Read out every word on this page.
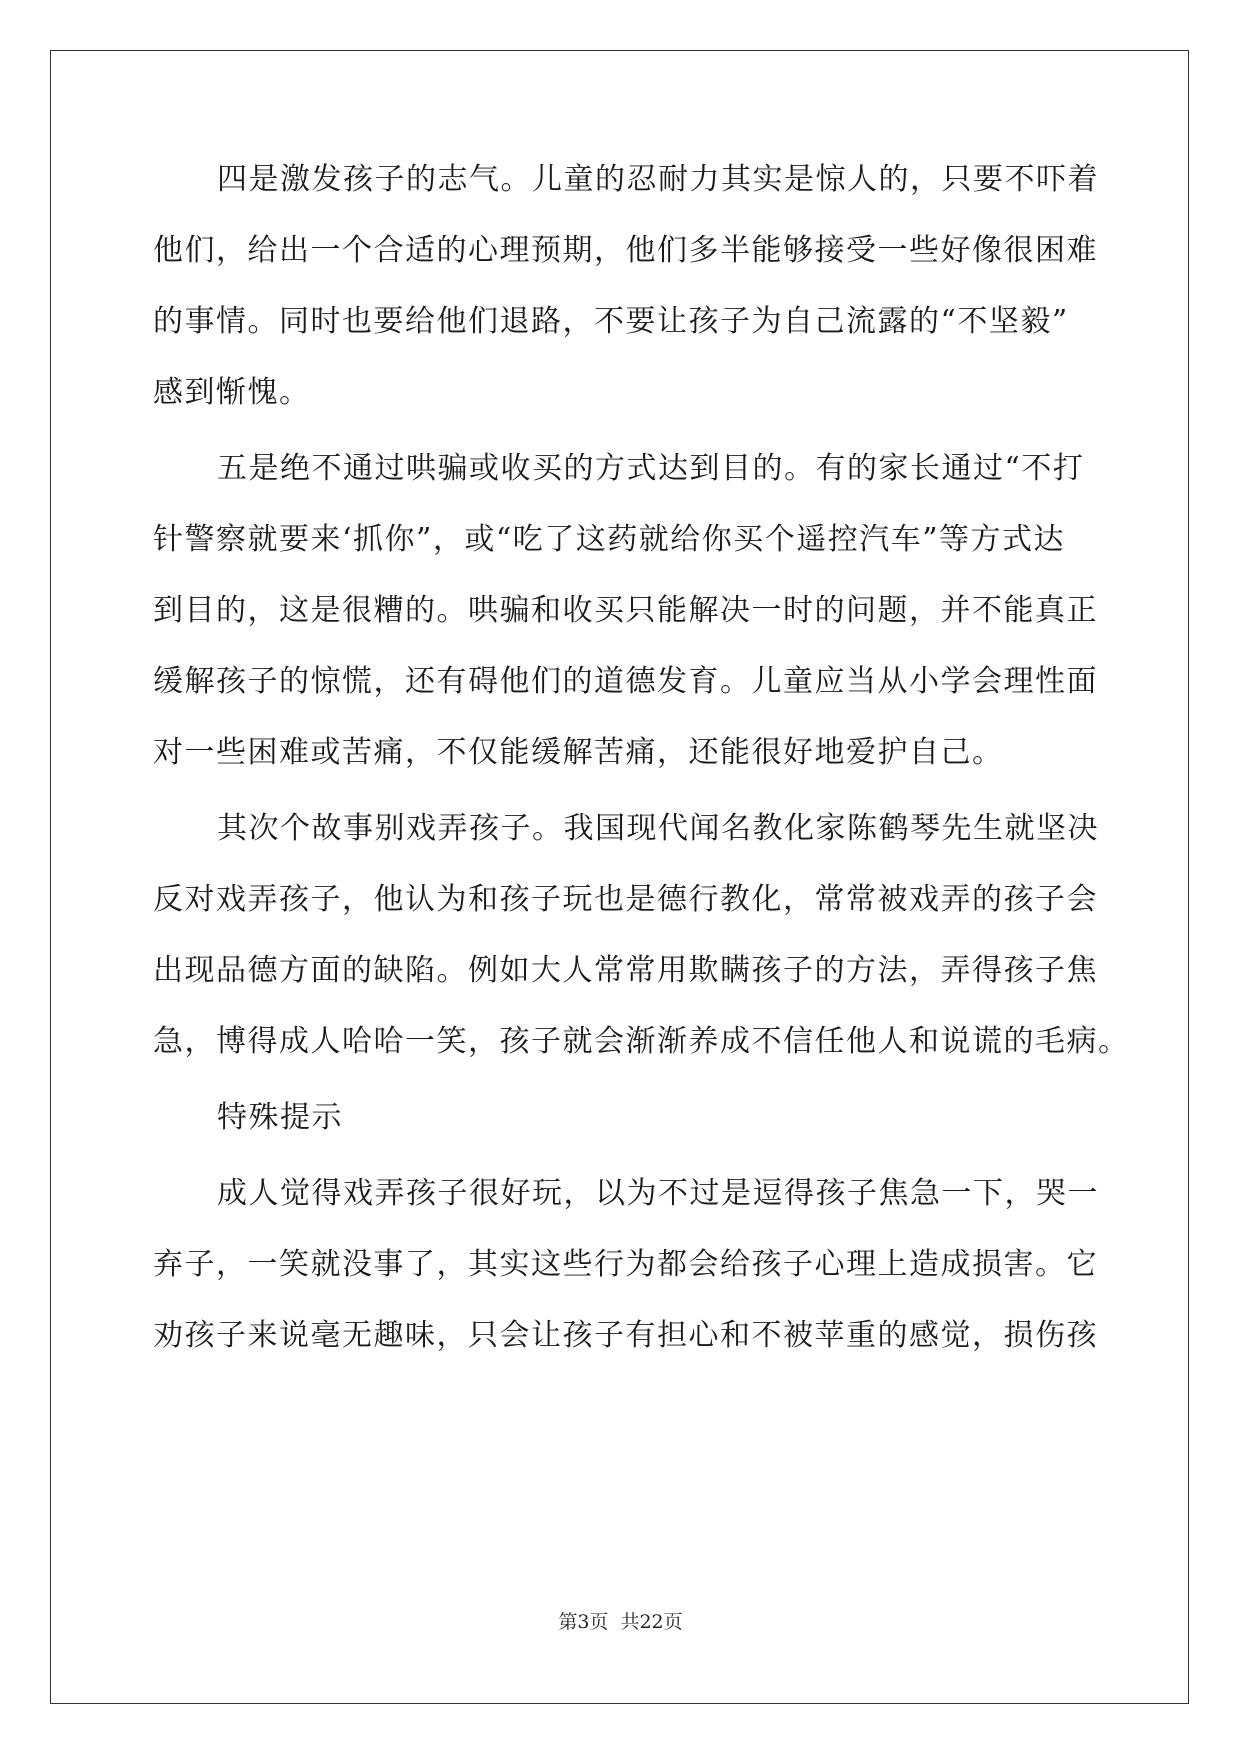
四是激发孩子的志气。儿童的忍耐力其实是惊人的，只要不吓着
他们，给出一个合适的心理预期，他们多半能够接受一些好像很困难
的事情。同时也要给他们退路，不要让孩子为自己流露的“不坚毅”
感到惭愧。
五是绝不通过哄骗或收买的方式达到目的。有的家长通过“不打
针警察就要来‘抓你”，或“吃了这药就给你买个遥控汽车”等方式达
到目的，这是很糟的。哄骗和收买只能解决一时的问题，并不能真正
缓解孩子的惊慌，还有碍他们的道德发育。儿童应当从小学会理性面
对一些困难或苦痛，不仅能缓解苦痛，还能很好地爱护自己。
其次个故事别戏弄孩子。我国现代闻名教化家陈鹤琴先生就坚决
反对戏弄孩子，他认为和孩子玩也是德行教化，常常被戏弄的孩子会
出现品德方面的缺陷。例如大人常常用欺瞒孩子的方法，弄得孩子焦
急，博得成人哈哈一笑，孩子就会渐渐养成不信任他人和说谎的毛病。
特殊提示
成人觉得戏弄孩子很好玩，以为不过是逗得孩子焦急一下，哭一
弃子，一笑就没事了，其实这些行为都会给孩子心理上造成损害。它
劝孩子来说毫无趣味，只会让孩子有担心和不被苹重的感觉，损伤孩
第3页 共22页
